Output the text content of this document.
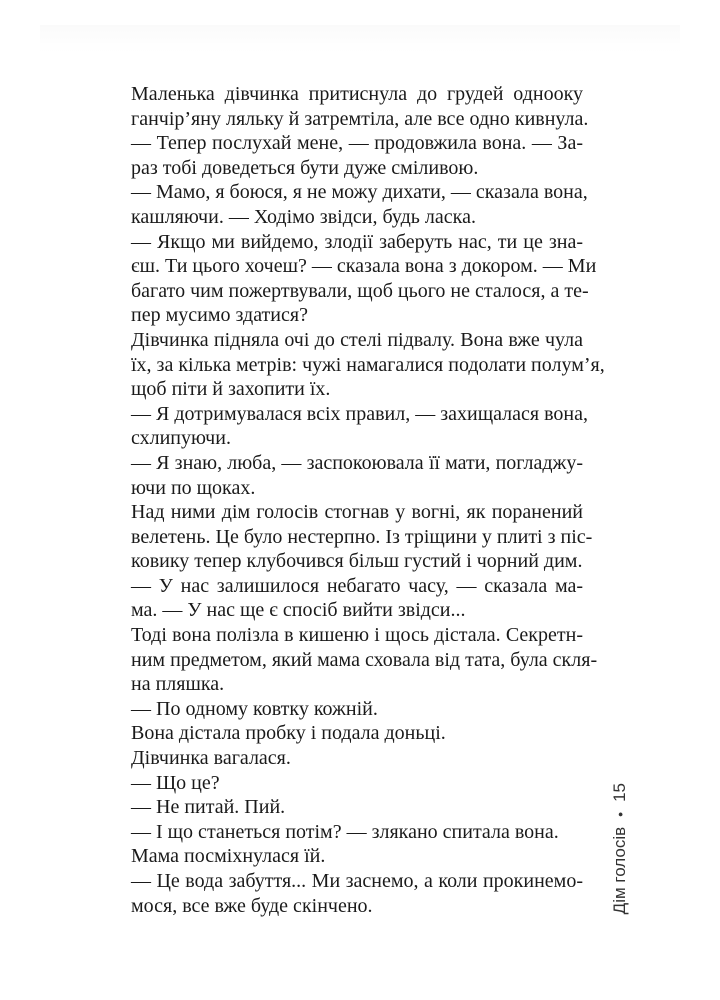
Маленька дівчинка притиснула до грудей однооку
ганчір’яну ляльку й затремтіла, але все одно кивнула.
— Тепер послухай мене, — продовжила вона. — За-
раз тобі доведеться бути дуже сміливою.
— Мамо, я боюся, я не можу дихати, — сказала вона,
кашляючи. — Ходімо звідси, будь ласка.
— Якщо ми вийдемо, злодії заберуть нас, ти це зна-
єш. Ти цього хочеш? — сказала вона з докором. — Ми
багато чим пожертвували, щоб цього не сталося, а те-
пер мусимо здатися?
Дівчинка підняла очі до стелі підвалу. Вона вже чула
їх, за кілька метрів: чужі намагалися подолати полум’я,
щоб піти й захопити їх.
— Я дотримувалася всіх правил, — захищалася вона,
схлипуючи.
— Я знаю, люба, — заспокоювала її мати, погладжу-
ючи по щоках.
Над ними дім голосів стогнав у вогні, як поранений
велетень. Це було нестерпно. Із тріщини у плиті з піс-
ковику тепер клубочився більш густий і чорний дим.
— У нас залишилося небагато часу, — сказала ма-
ма. — У нас ще є спосіб вийти звідси...
Тоді вона полізла в кишеню і щось дістала. Секретн-
ним предметом, який мама сховала від тата, була скля-
на пляшка.
— По одному ковтку кожній.
Вона дістала пробку і подала доньці.
Дівчинка вагалася.
— Що це?
— Не питай. Пий.
— І що станеться потім? — злякано спитала вона.
Мама посміхнулася їй.
— Це вода забуття... Ми заснемо, а коли прокинемо-
мося, все вже буде скінчено.	Дім голосів
•
15
